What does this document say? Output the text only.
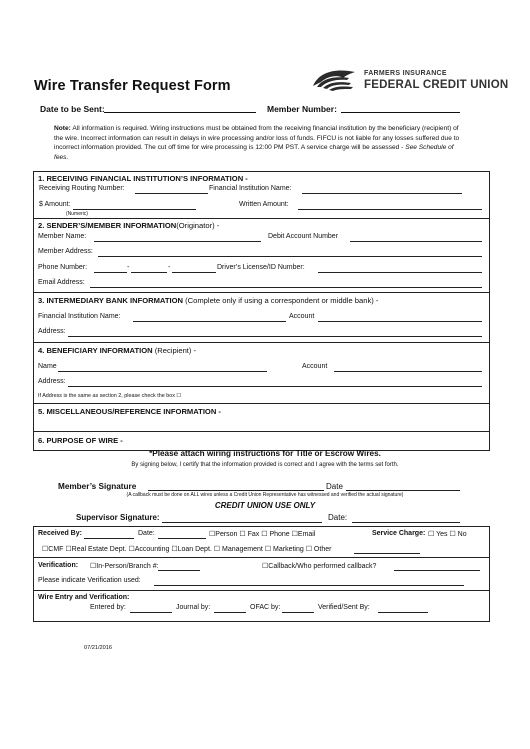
Wire Transfer Request Form
FARMERS INSURANCE
FEDERAL CREDIT UNION
Date to be Sent:	Member Number:
Note: All information is required. Wiring instructions must be obtained from the receiving financial institution by the beneficiary (recipient) of the wire. Incorrect information can result in delays in wire processing and/or loss of funds. FIFCU is not liable for any losses suffered due to incorrect information provided. The cut off time for wire processing is 12:00 PM PST. A service charge will be assessed - See Schedule of fees.
1. RECEIVING FINANCIAL INSTITUTION’S INFORMATION -
Receiving Routing Number:	Financial Institution Name:
$ Amount:
(Numeric)
Written Amount:
2. SENDER’S/MEMBER INFORMATION(Originator) -
Member Name:	Debit Account Number
Member Address:
Phone Number:	-	-	Driver’s License/ID Number:
Email Address:
3. INTERMEDIARY BANK INFORMATION (Complete only if using a correspondent or middle bank) -
Financial Institution Name:	Account
Address:
4. BENEFICIARY INFORMATION (Recipient) -
Name	Account
Address:
If Address is the same as section 2, please check the box ☐
5. MISCELLANEOUS/REFERENCE INFORMATION -
6. PURPOSE OF WIRE -
*Please attach wiring instructions for Title or Escrow Wires.
By signing below, I certify that the information provided is correct and I agree with the terms set forth.
Member’s Signature	Date
(A callback must be done on ALL wires unless a Credit Union Representative has witnessed and verified the actual signature)
CREDIT UNION USE ONLY
Supervisor Signature:	Date:
Received By:	Date:	☐Person ☐ Fax ☐ Phone ☐Email	Service Charge: ☐ Yes ☐ No
☐CMF ☐Real Estate Dept. ☐Accounting ☐Loan Dept. ☐ Management ☐ Marketing ☐ Other
Verification: ☐In-Person/Branch #:	☐Callback/Who performed callback?
Please indicate Verification used:
Wire Entry and Verification:
Entered by:	Journal by:	OFAC by:	Verified/Sent By:
07/21/2016
